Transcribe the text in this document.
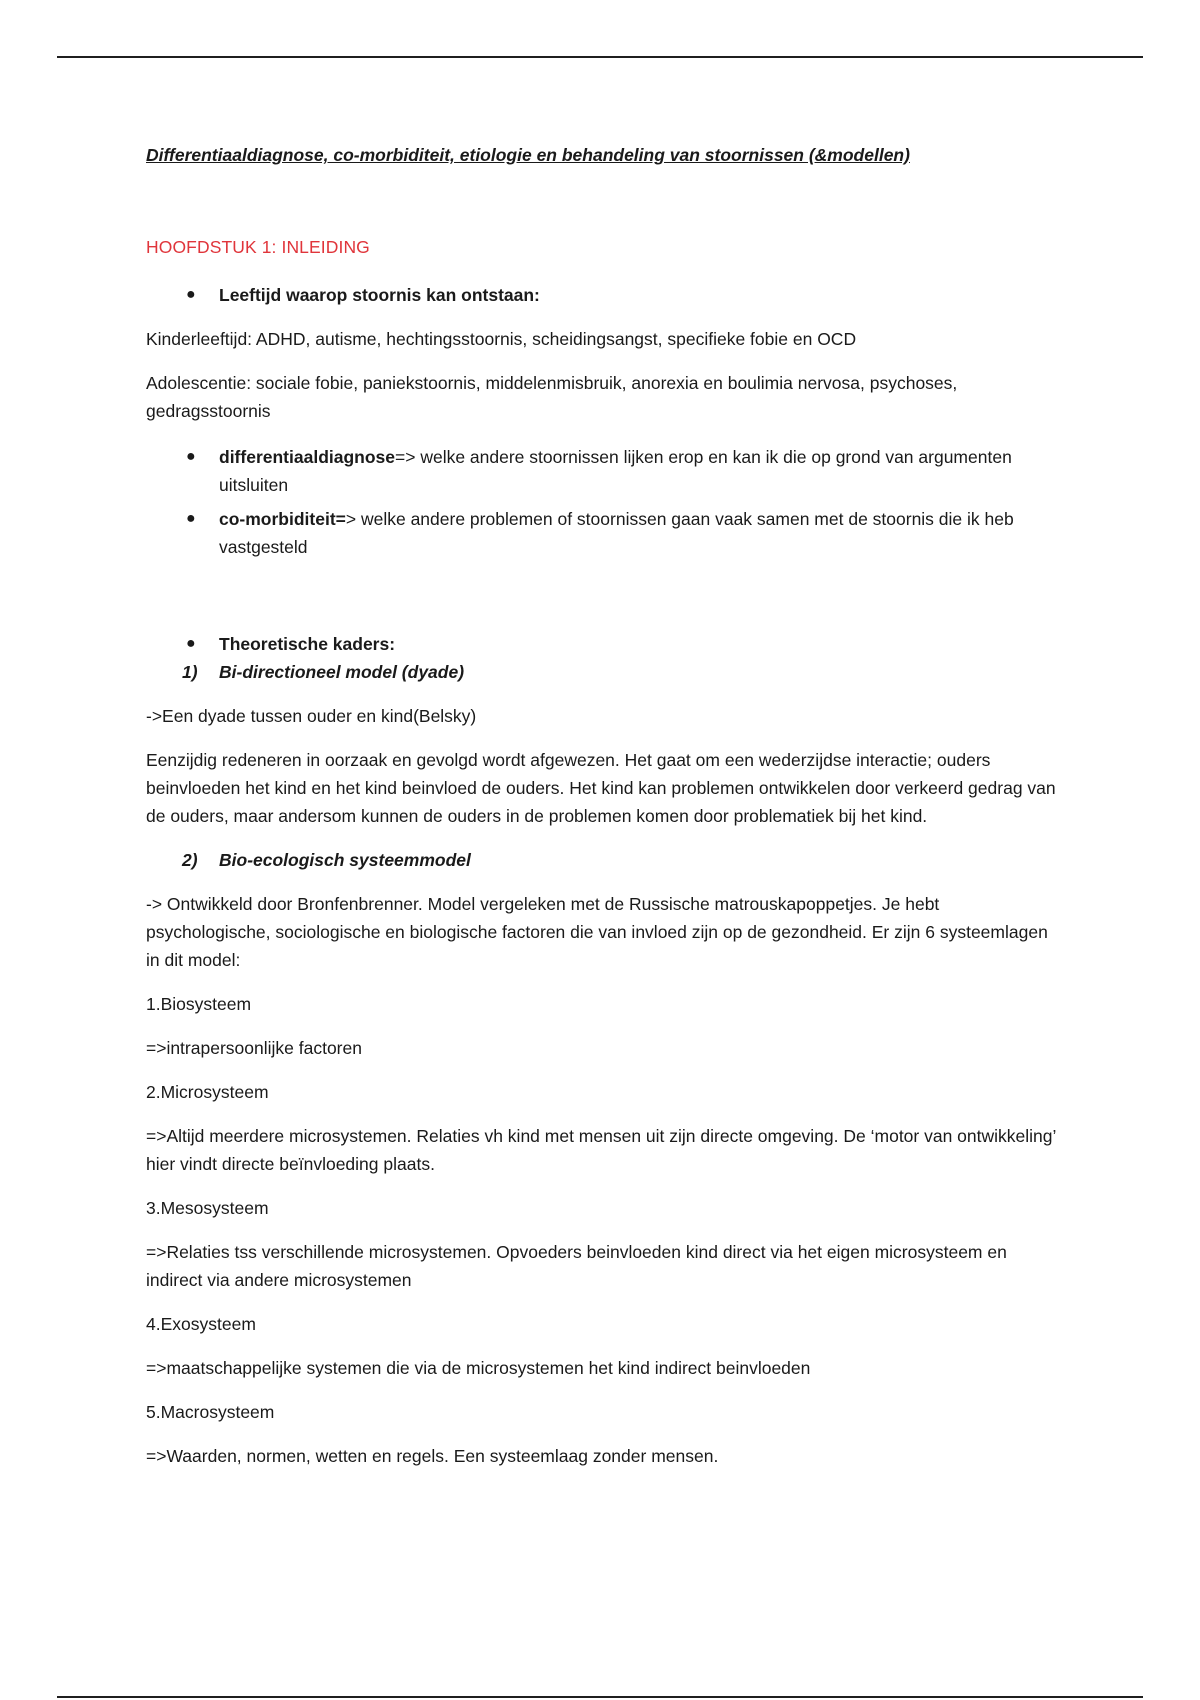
Differentiaaldiagnose, co-morbiditeit, etiologie en behandeling van stoornissen (&modellen)
HOOFDSTUK 1: INLEIDING

● Leeftijd waarop stoornis kan ontstaan:

Kinderleeftijd: ADHD, autisme, hechtingsstoornis, scheidingsangst, specifieke fobie en OCD

Adolescentie: sociale fobie, paniekstoornis, middelenmisbruik, anorexia en boulimia nervosa, psychoses, gedragsstoornis

● differentiaaldiagnose=> welke andere stoornissen lijken erop en kan ik die op grond van argumenten uitsluiten

● co-morbiditeit=> welke andere problemen of stoornissen gaan vaak samen met de stoornis die ik heb vastgesteld

● Theoretische kaders:

1) Bi-directioneel model (dyade)

->Een dyade tussen ouder en kind(Belsky)

Eenzijdig redeneren in oorzaak en gevolgd wordt afgewezen. Het gaat om een wederzijdse interactie; ouders beinvloeden het kind en het kind beinvloed de ouders. Het kind kan problemen ontwikkelen door verkeerd gedrag van de ouders, maar andersom kunnen de ouders in de problemen komen door problematiek bij het kind.

2) Bio-ecologisch systeemmodel

-> Ontwikkeld door Bronfenbrenner. Model vergeleken met de Russische matrouskapoppetjes. Je hebt psychologische, sociologische en biologische factoren die van invloed zijn op de gezondheid. Er zijn 6 systeemlagen in dit model:

1.Biosysteem

=>intrapersoonlijke factoren

2.Microsysteem

=>Altijd meerdere microsystemen. Relaties vh kind met mensen uit zijn directe omgeving. De ‘motor van ontwikkeling’ hier vindt directe beïnvloeding plaats.

3.Mesosysteem

=>Relaties tss verschillende microsystemen. Opvoeders beinvloeden kind direct via het eigen microsysteem en indirect via andere microsystemen

4.Exosysteem

=>maatschappelijke systemen die via de microsystemen het kind indirect beinvloeden

5.Macrosysteem

=>Waarden, normen, wetten en regels. Een systeemlaag zonder mensen.
